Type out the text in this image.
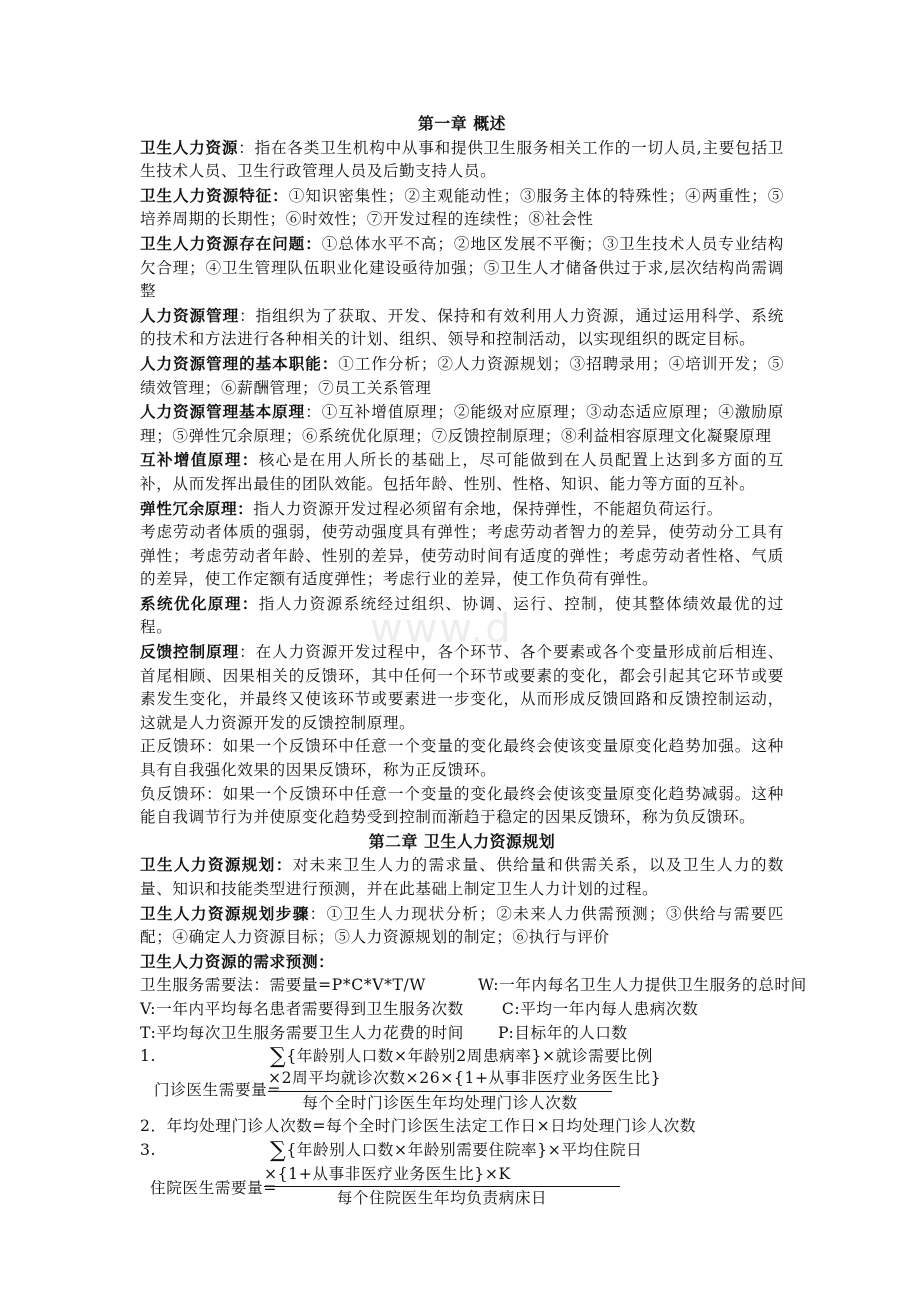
www.d
第一章 概述

卫生人力资源：指在各类卫生机构中从事和提供卫生服务相关工作的一切人员,主要包括卫生技术人员、卫生行政管理人员及后勤支持人员。

卫生人力资源特征：①知识密集性；②主观能动性；③服务主体的特殊性；④两重性；⑤培养周期的长期性；⑥时效性；⑦开发过程的连续性；⑧社会性

卫生人力资源存在问题：①总体水平不高；②地区发展不平衡；③卫生技术人员专业结构欠合理；④卫生管理队伍职业化建设亟待加强；⑤卫生人才储备供过于求,层次结构尚需调整

人力资源管理：指组织为了获取、开发、保持和有效利用人力资源，通过运用科学、系统的技术和方法进行各种相关的计划、组织、领导和控制活动，以实现组织的既定目标。

人力资源管理的基本职能：①工作分析；②人力资源规划；③招聘录用；④培训开发；⑤绩效管理；⑥薪酬管理；⑦员工关系管理

人力资源管理基本原理：①互补增值原理；②能级对应原理；③动态适应原理；④激励原理；⑤弹性冗余原理；⑥系统优化原理；⑦反馈控制原理；⑧利益相容原理文化凝聚原理

互补增值原理：核心是在用人所长的基础上，尽可能做到在人员配置上达到多方面的互补，从而发挥出最佳的团队效能。包括年龄、性别、性格、知识、能力等方面的互补。

弹性冗余原理：指人力资源开发过程必须留有余地，保持弹性，不能超负荷运行。

考虑劳动者体质的强弱，使劳动强度具有弹性；考虑劳动者智力的差异，使劳动分工具有弹性；考虑劳动者年龄、性别的差异，使劳动时间有适度的弹性；考虑劳动者性格、气质的差异，使工作定额有适度弹性；考虑行业的差异，使工作负荷有弹性。

系统优化原理：指人力资源系统经过组织、协调、运行、控制，使其整体绩效最优的过程。

反馈控制原理：在人力资源开发过程中，各个环节、各个要素或各个变量形成前后相连、首尾相顾、因果相关的反馈环，其中任何一个环节或要素的变化，都会引起其它环节或要素发生变化，并最终又使该环节或要素进一步变化，从而形成反馈回路和反馈控制运动，这就是人力资源开发的反馈控制原理。

正反馈环：如果一个反馈环中任意一个变量的变化最终会使该变量原变化趋势加强。这种具有自我强化效果的因果反馈环，称为正反馈环。

负反馈环：如果一个反馈环中任意一个变量的变化最终会使该变量原变化趋势减弱。这种能自我调节行为并使原变化趋势受到控制而渐趋于稳定的因果反馈环，称为负反馈环。

第二章 卫生人力资源规划

卫生人力资源规划：对未来卫生人力的需求量、供给量和供需关系，以及卫生人力的数量、知识和技能类型进行预测，并在此基础上制定卫生人力计划的过程。

卫生人力资源规划步骤：①卫生人力现状分析；②未来人力供需预测；③供给与需要匹配；④确定人力资源目标；⑤人力资源规划的制定；⑥执行与评价

卫生人力资源的需求预测：

卫生服务需要法：需要量=P*C*V*T/W	W:一年内每名卫生人力提供卫生服务的总时间
V:一年内平均每名患者需要得到卫生服务次数 C:平均一年内每人患病次数
T:平均每次卫生服务需要卫生人力花费的时间 P:目标年的人口数
1.	∑{年龄别人口数×年龄别2周患病率}×就诊需要比例
门诊医生需要量=
×2周平均就诊次数×26×{1+从事非医疗业务医生比}
每个全时门诊医生年均处理门诊人次数
2．年均处理门诊人次数=每个全时门诊医生法定工作日×日均处理门诊人次数
3.	∑{年龄别人口数×年龄别需要住院率}×平均住院日
住院医生需要量=
×{1+从事非医疗业务医生比}×K
每个住院医生年均负责病床日
